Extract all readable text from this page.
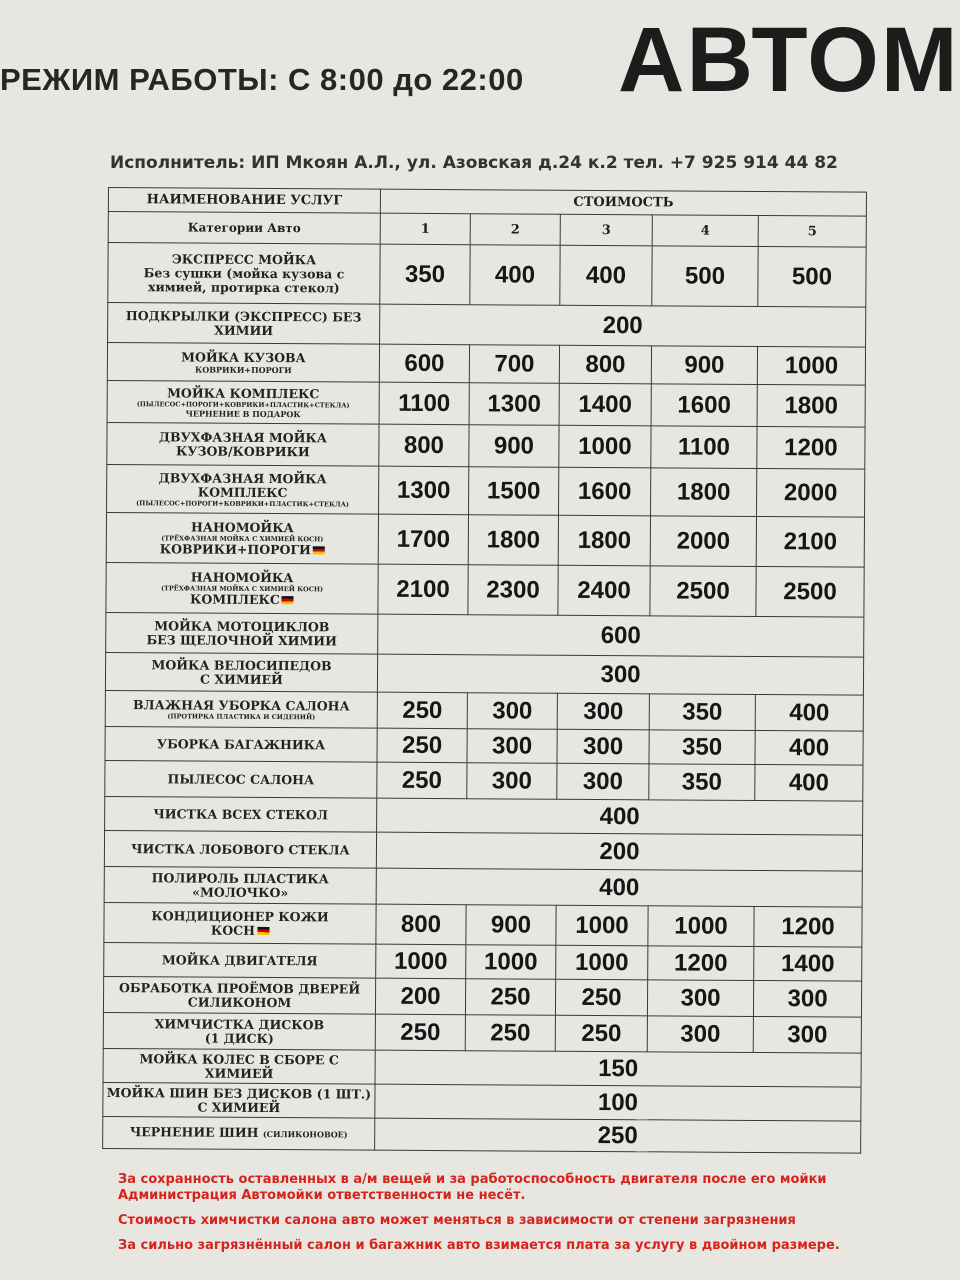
РЕЖИМ РАБОТЫ: С 8:00 до 22:00 АВТОМ
Исполнитель: ИП Мкоян А.Л., ул. Азовская д.24 к.2 тел. +7 925 914 44 82
НАИМЕНОВАНИЕ УСЛУГ	СТОИМОСТЬ				
Категории Авто	1	2	3	4	5

ЭКСПРЕСС МОЙКА
Без сушки (мойка кузова с
химией, протирка стекол)	350	400	400	500	500

ПОДКРЫЛКИ (ЭКСПРЕСС) БЕЗ
ХИМИИ	200				

МОЙКА КУЗОВА
КОВРИКИ+ПОРОГИ	600	700	800	900	1000

МОЙКА КОМПЛЕКС
(ПЫЛЕСОС+ПОРОГИ+КОВРИКИ+ПЛАСТИК+СТЕКЛА)
ЧЕРНЕНИЕ В ПОДАРОК	1100	1300	1400	1600	1800

ДВУХФАЗНАЯ МОЙКА
КУЗОВ/КОВРИКИ	800	900	1000	1100	1200

ДВУХФАЗНАЯ МОЙКА
КОМПЛЕКС
(ПЫЛЕСОС+ПОРОГИ+КОВРИКИ+ПЛАСТИК+СТЕКЛА)	1300	1500	1600	1800	2000

НАНОМОЙКА
(ТРЁХФАЗНАЯ МОЙКА С ХИМИЕЙ КОСН)
КОВРИКИ+ПОРОГИ	1700	1800	1800	2000	2100

НАНОМОЙКА
(ТРЁХФАЗНАЯ МОЙКА С ХИМИЕЙ КОСН)
КОМПЛЕКС	2100	2300	2400	2500	2500

МОЙКА МОТОЦИКЛОВ
БЕЗ ЩЕЛОЧНОЙ ХИМИИ	600				

МОЙКА ВЕЛОСИПЕДОВ
С ХИМИЕЙ	300				

ВЛАЖНАЯ УБОРКА САЛОНА
(ПРОТИРКА ПЛАСТИКА И СИДЕНИЙ)	250	300	300	350	400

УБОРКА БАГАЖНИКА	250	300	300	350	400

ПЫЛЕСОС САЛОНА	250	300	300	350	400

ЧИСТКА ВСЕХ СТЕКОЛ	400				

ЧИСТКА ЛОБОВОГО СТЕКЛА	200				

ПОЛИРОЛЬ ПЛАСТИКА
«МОЛОЧКО»	400				

КОНДИЦИОНЕР КОЖИ
КОСН	800	900	1000	1000	1200

МОЙКА ДВИГАТЕЛЯ	1000	1000	1000	1200	1400

ОБРАБОТКА ПРОЁМОВ ДВЕРЕЙ
СИЛИКОНОМ	200	250	250	300	300

ХИМЧИСТКА ДИСКОВ
(1 ДИСК)	250	250	250	300	300

МОЙКА КОЛЕС В СБОРЕ С
ХИМИЕЙ	150				

МОЙКА ШИН БЕЗ ДИСКОВ (1 ШТ.)
С ХИМИЕЙ	100				

ЧЕРНЕНИЕ ШИН (СИЛИКОНОВОЕ)	250				

За сохранность оставленных в а/м вещей и за работоспособность двигателя после его мойки Администрация Автомойки ответственности не несёт.

Стоимость химчистки салона авто может меняться в зависимости от степени загрязнения

За сильно загрязнённый салон и багажник авто взимается плата за услугу в двойном размере.
